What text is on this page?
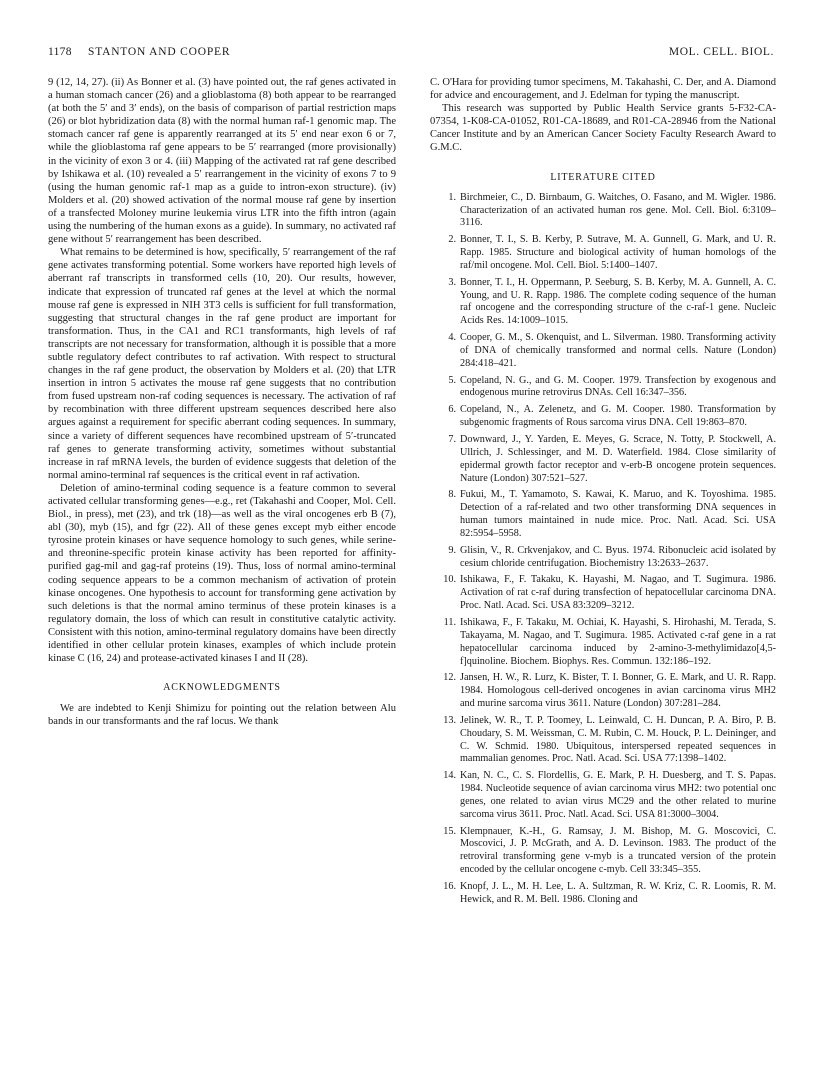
1178 STANTON AND COOPER	MOL. CELL. BIOL.

9 (12, 14, 27). (ii) As Bonner et al. (3) have pointed out, the raf genes activated in a human stomach cancer (26) and a glioblastoma (8) both appear to be rearranged (at both the 5′ and 3′ ends), on the basis of comparison of partial restriction maps (26) or blot hybridization data (8) with the normal human raf-1 genomic map. The stomach cancer raf gene is apparently rearranged at its 5′ end near exon 6 or 7, while the glioblastoma raf gene appears to be 5′ rearranged (more provisionally) in the vicinity of exon 3 or 4. (iii) Mapping of the activated rat raf gene described by Ishikawa et al. (10) revealed a 5′ rearrangement in the vicinity of exons 7 to 9 (using the human genomic raf-1 map as a guide to intron-exon structure). (iv) Molders et al. (20) showed activation of the normal mouse raf gene by insertion of a transfected Moloney murine leukemia virus LTR into the fifth intron (again using the numbering of the human exons as a guide). In summary, no activated raf gene without 5′ rearrangement has been described.

What remains to be determined is how, specifically, 5′ rearrangement of the raf gene activates transforming potential. Some workers have reported high levels of aberrant raf transcripts in transformed cells (10, 20). Our results, however, indicate that expression of truncated raf genes at the level at which the normal mouse raf gene is expressed in NIH 3T3 cells is sufficient for full transformation, suggesting that structural changes in the raf gene product are important for transformation. Thus, in the CA1 and RC1 transformants, high levels of raf transcripts are not necessary for transformation, although it is possible that a more subtle regulatory defect contributes to raf activation. With respect to structural changes in the raf gene product, the observation by Molders et al. (20) that LTR insertion in intron 5 activates the mouse raf gene suggests that no contribution from fused upstream non-raf coding sequences is necessary. The activation of raf by recombination with three different upstream sequences described here also argues against a requirement for specific aberrant coding sequences. In summary, since a variety of different sequences have recombined upstream of 5′-truncated raf genes to generate transforming activity, sometimes without substantial increase in raf mRNA levels, the burden of evidence suggests that deletion of the normal amino-terminal raf sequences is the critical event in raf activation.

Deletion of amino-terminal coding sequence is a feature common to several activated cellular transforming genes—e.g., ret (Takahashi and Cooper, Mol. Cell. Biol., in press), met (23), and trk (18)—as well as the viral oncogenes erb B (7), abl (30), myb (15), and fgr (22). All of these genes except myb either encode tyrosine protein kinases or have sequence homology to such genes, while serine- and threonine-specific protein kinase activity has been reported for affinity-purified gag-mil and gag-raf proteins (19). Thus, loss of normal amino-terminal coding sequence appears to be a common mechanism of activation of protein kinase oncogenes. One hypothesis to account for transforming gene activation by such deletions is that the normal amino terminus of these protein kinases is a regulatory domain, the loss of which can result in constitutive catalytic activity. Consistent with this notion, amino-terminal regulatory domains have been directly identified in other cellular protein kinases, examples of which include protein kinase C (16, 24) and protease-activated kinases I and II (28).

ACKNOWLEDGMENTS

We are indebted to Kenji Shimizu for pointing out the relation between Alu bands in our transformants and the raf locus. We thank

C. O'Hara for providing tumor specimens, M. Takahashi, C. Der, and A. Diamond for advice and encouragement, and J. Edelman for typing the manuscript.

This research was supported by Public Health Service grants 5-F32-CA-07354, 1-K08-CA-01052, R01-CA-18689, and R01-CA-28946 from the National Cancer Institute and by an American Cancer Society Faculty Research Award to G.M.C.

LITERATURE CITED
1. Birchmeier, C., D. Birnbaum, G. Waitches, O. Fasano, and M. Wigler. 1986. Characterization of an activated human ros gene. Mol. Cell. Biol. 6:3109–3116.
2. Bonner, T. I., S. B. Kerby, P. Sutrave, M. A. Gunnell, G. Mark, and U. R. Rapp. 1985. Structure and biological activity of human homologs of the raf/mil oncogene. Mol. Cell. Biol. 5:1400–1407.
3. Bonner, T. I., H. Oppermann, P. Seeburg, S. B. Kerby, M. A. Gunnell, A. C. Young, and U. R. Rapp. 1986. The complete coding sequence of the human raf oncogene and the corresponding structure of the c-raf-1 gene. Nucleic Acids Res. 14:1009–1015.
4. Cooper, G. M., S. Okenquist, and L. Silverman. 1980. Transforming activity of DNA of chemically transformed and normal cells. Nature (London) 284:418–421.
5. Copeland, N. G., and G. M. Cooper. 1979. Transfection by exogenous and endogenous murine retrovirus DNAs. Cell 16:347–356.
6. Copeland, N., A. Zelenetz, and G. M. Cooper. 1980. Transformation by subgenomic fragments of Rous sarcoma virus DNA. Cell 19:863–870.
7. Downward, J., Y. Yarden, E. Meyes, G. Scrace, N. Totty, P. Stockwell, A. Ullrich, J. Schlessinger, and M. D. Waterfield. 1984. Close similarity of epidermal growth factor receptor and v-erb-B oncogene protein sequences. Nature (London) 307:521–527.
8. Fukui, M., T. Yamamoto, S. Kawai, K. Maruo, and K. Toyoshima. 1985. Detection of a raf-related and two other transforming DNA sequences in human tumors maintained in nude mice. Proc. Natl. Acad. Sci. USA 82:5954–5958.
9. Glisin, V., R. Crkvenjakov, and C. Byus. 1974. Ribonucleic acid isolated by cesium chloride centrifugation. Biochemistry 13:2633–2637.
10. Ishikawa, F., F. Takaku, K. Hayashi, M. Nagao, and T. Sugimura. 1986. Activation of rat c-raf during transfection of hepatocellular carcinoma DNA. Proc. Natl. Acad. Sci. USA 83:3209–3212.
11. Ishikawa, F., F. Takaku, M. Ochiai, K. Hayashi, S. Hirohashi, M. Terada, S. Takayama, M. Nagao, and T. Sugimura. 1985. Activated c-raf gene in a rat hepatocellular carcinoma induced by 2-amino-3-methylimidazo[4,5-f]quinoline. Biochem. Biophys. Res. Commun. 132:186–192.
12. Jansen, H. W., R. Lurz, K. Bister, T. I. Bonner, G. E. Mark, and U. R. Rapp. 1984. Homologous cell-derived oncogenes in avian carcinoma virus MH2 and murine sarcoma virus 3611. Nature (London) 307:281–284.
13. Jelinek, W. R., T. P. Toomey, L. Leinwald, C. H. Duncan, P. A. Biro, P. B. Choudary, S. M. Weissman, C. M. Rubin, C. M. Houck, P. L. Deininger, and C. W. Schmid. 1980. Ubiquitous, interspersed repeated sequences in mammalian genomes. Proc. Natl. Acad. Sci. USA 77:1398–1402.
14. Kan, N. C., C. S. Flordellis, G. E. Mark, P. H. Duesberg, and T. S. Papas. 1984. Nucleotide sequence of avian carcinoma virus MH2: two potential onc genes, one related to avian virus MC29 and the other related to murine sarcoma virus 3611. Proc. Natl. Acad. Sci. USA 81:3000–3004.
15. Klempnauer, K.-H., G. Ramsay, J. M. Bishop, M. G. Moscovici, C. Moscovici, J. P. McGrath, and A. D. Levinson. 1983. The product of the retroviral transforming gene v-myb is a truncated version of the protein encoded by the cellular oncogene c-myb. Cell 33:345–355.
16. Knopf, J. L., M. H. Lee, L. A. Sultzman, R. W. Kriz, C. R. Loomis, R. M. Hewick, and R. M. Bell. 1986. Cloning and
